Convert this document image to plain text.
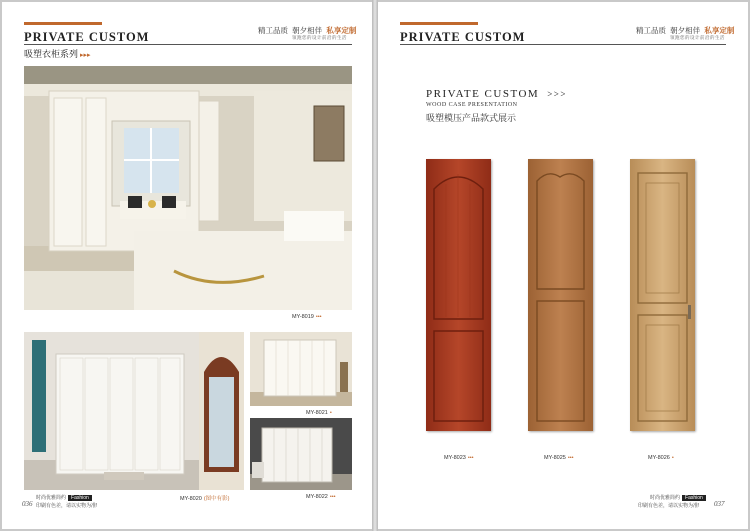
PRIVATE CUSTOM	精工品质 朝夕相伴 私享定制
领跑您的设计前沿的生活
吸塑衣柜系列 ▸▸▸
MY-8019 •••
MY-8020 (图中有影)
MY-8021 •
MY-8022 •••
时尚优雅简约 Fashion
印刷有色差，请以实物为准!
036
PRIVATE CUSTOM	精工品质 朝夕相伴 私享定制
领跑您的设计前沿的生活
PRIVATE CUSTOM >>>
WOOD CASE PRESENTATION
吸塑模压产品款式展示
MY-8023 •••	MY-8025 •••	MY-8026 •
时尚优雅简约 Fashion
印刷有色差，请以实物为准! 037
